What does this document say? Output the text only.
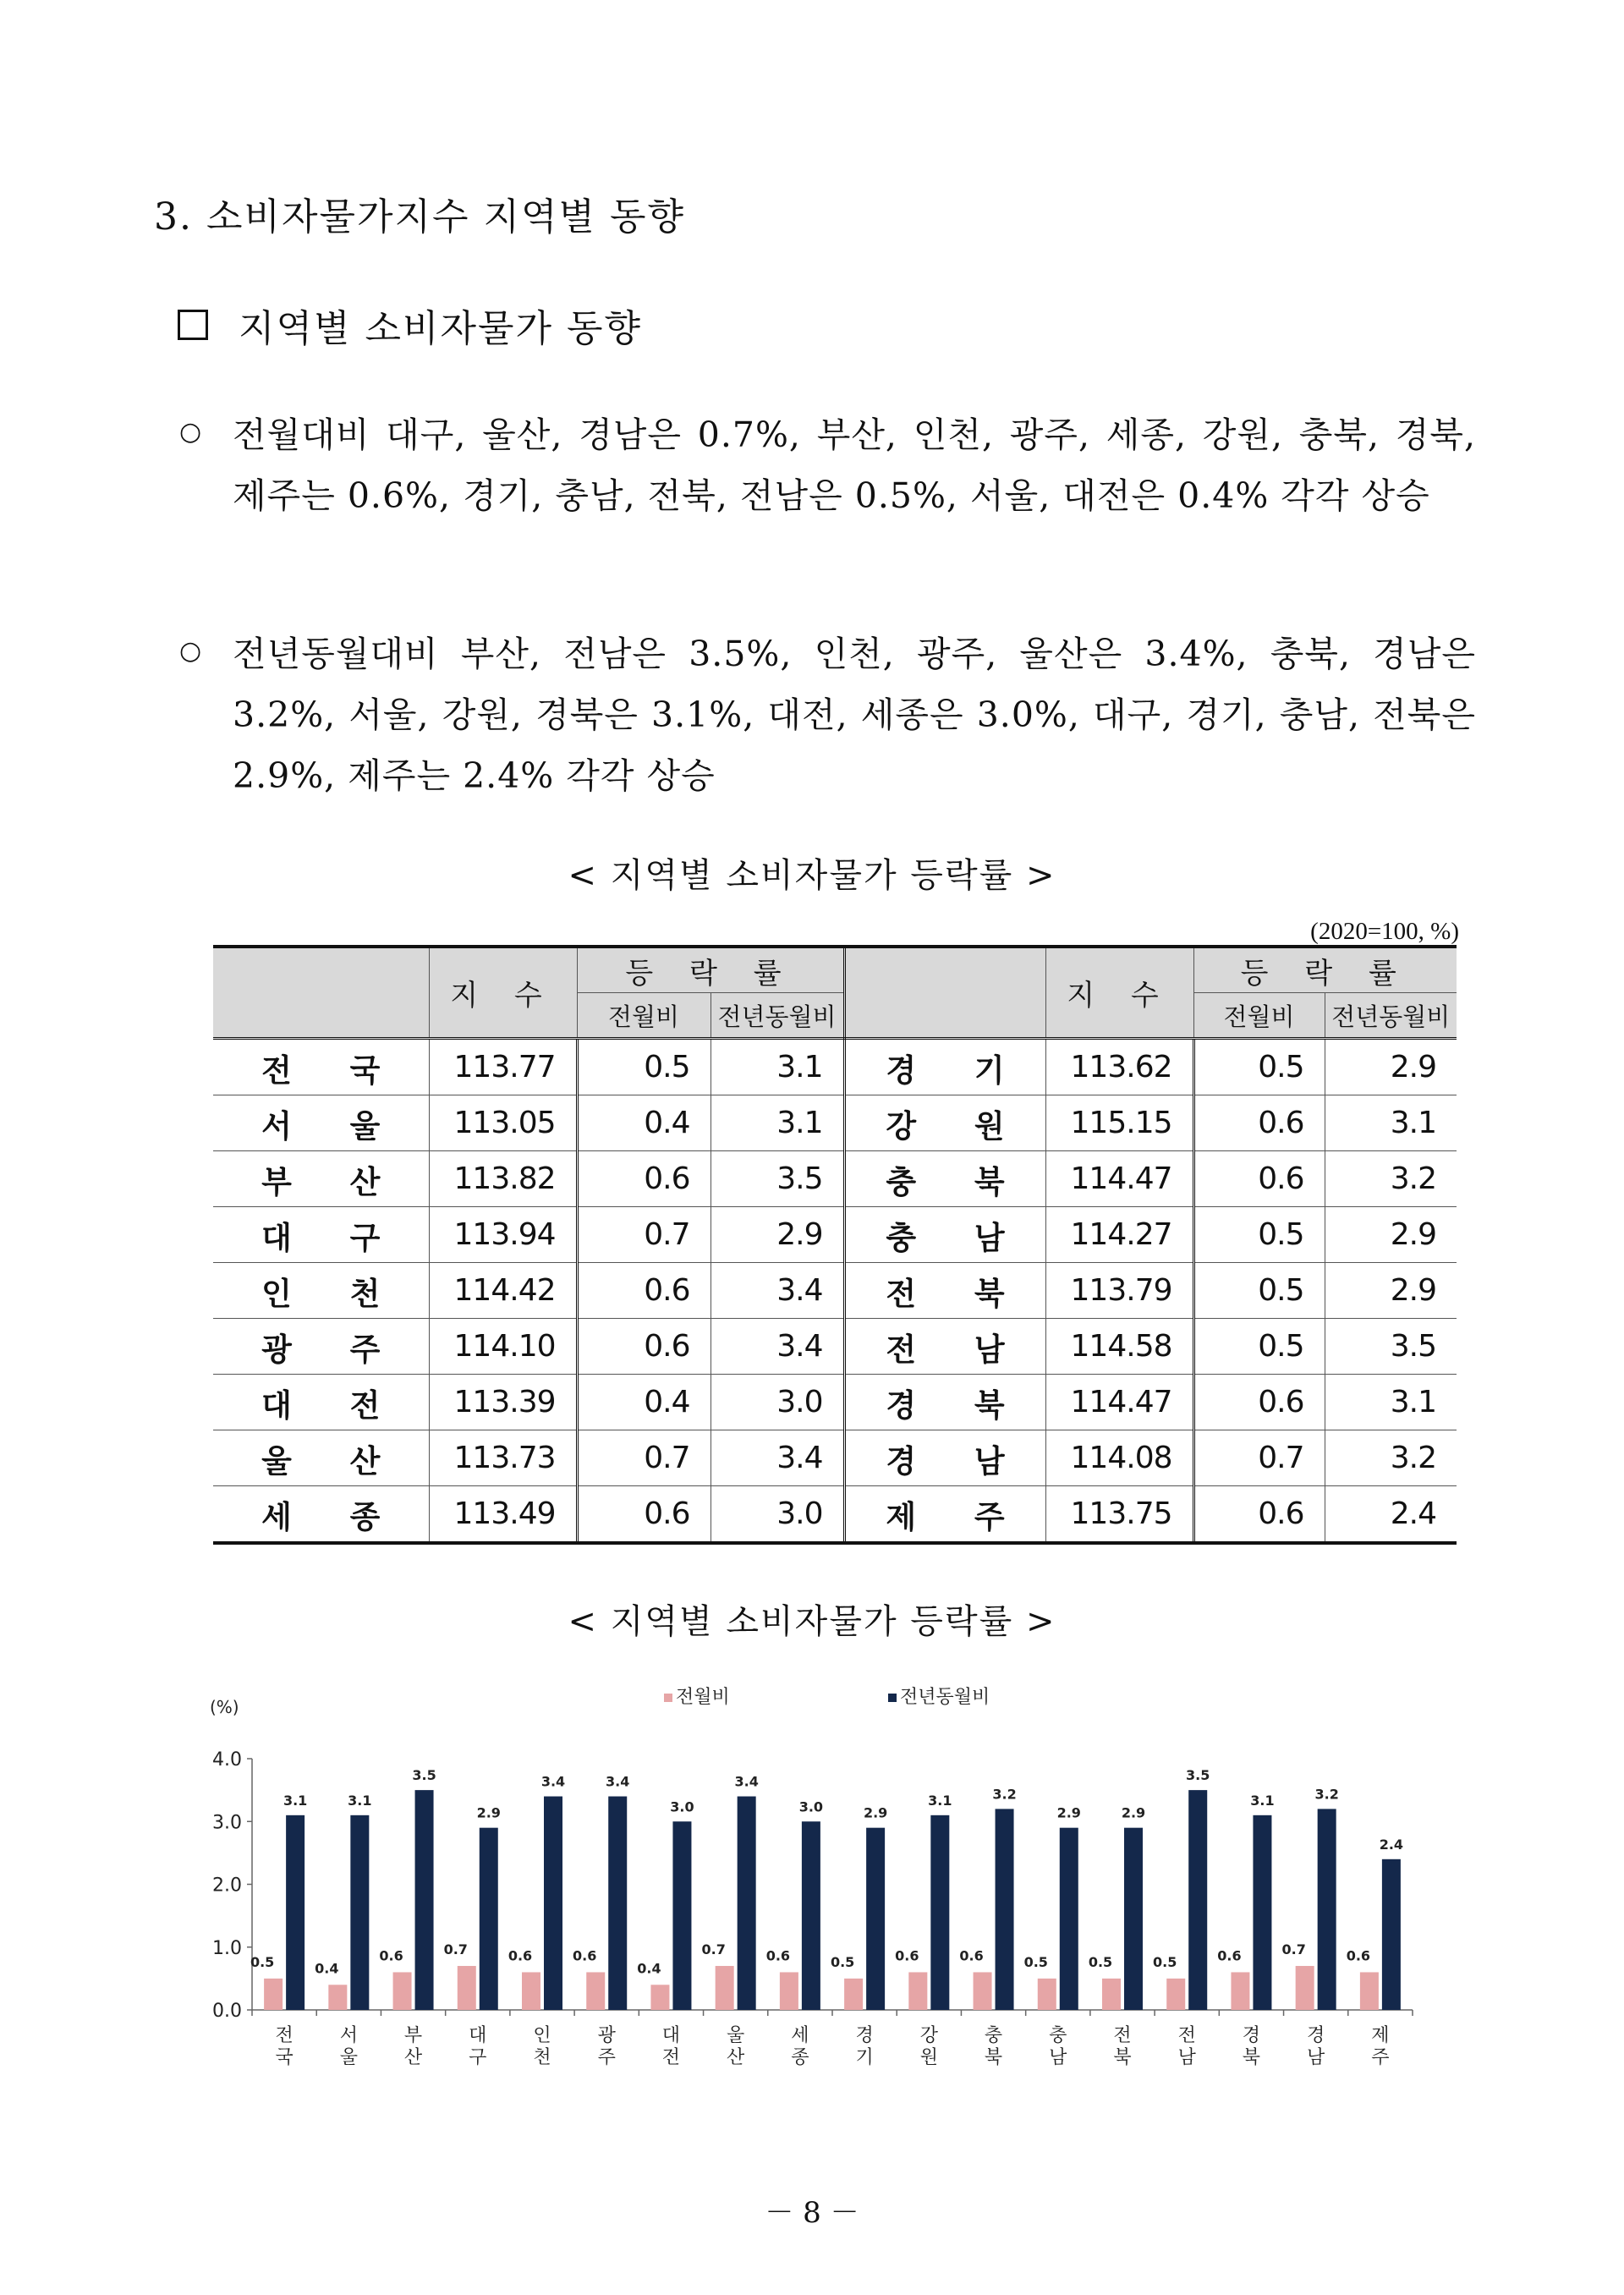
3. 소비자물가지수 지역별 동향
지역별 소비자물가 동향
○ 전월대비 대구, 울산, 경남은 0.7%, 부산, 인천, 광주, 세종, 강원, 충북, 경북, 제주는 0.6%, 경기, 충남, 전북, 전남은 0.5%, 서울, 대전은 0.4% 각각 상승
○ 전년동월대비 부산, 전남은 3.5%, 인천, 광주, 울산은 3.4%, 충북, 경남은 3.2%, 서울, 강원, 경북은 3.1%, 대전, 세종은 3.0%, 대구, 경기, 충남, 전북은 2.9%, 제주는 2.4% 각각 상승
< 지역별 소비자물가 등락률 >
(2020=100, %)
	지 수	등 락 률			지 수	등 락 률	
		전월비	전년동월비			전월비	전년동월비
전 국	113.77	0.5	3.1	경 기	113.62	0.5	2.9
서 울	113.05	0.4	3.1	강 원	115.15	0.6	3.1
부 산	113.82	0.6	3.5	충 북	114.47	0.6	3.2
대 구	113.94	0.7	2.9	충 남	114.27	0.5	2.9
인 천	114.42	0.6	3.4	전 북	113.79	0.5	2.9
광 주	114.10	0.6	3.4	전 남	114.58	0.5	3.5
대 전	113.39	0.4	3.0	경 북	114.47	0.6	3.1
울 산	113.73	0.7	3.4	경 남	114.08	0.7	3.2
세 종	113.49	0.6	3.0	제 주	113.75	0.6	2.4
< 지역별 소비자물가 등락률 >
(%)	전월비	전년동월비
0.0
1.0
2.0
3.0
4.0
0.5
3.1
전
국
0.4
3.1
서
울
0.6
3.5
부
산
0.7
2.9
대
구
0.6
3.4
인
천
0.6
3.4
광
주
0.4
3.0
대
전
0.7
3.4
울
산
0.6
3.0
세
종
0.5
2.9
경
기
0.6
3.1
강
원
0.6
3.2
충
북
0.5
2.9
충
남
0.5
2.9
전
북
0.5
3.5
전
남
0.6
3.1
경
북
0.7
3.2
경
남
0.6
2.4
제
주
－ 8 －
